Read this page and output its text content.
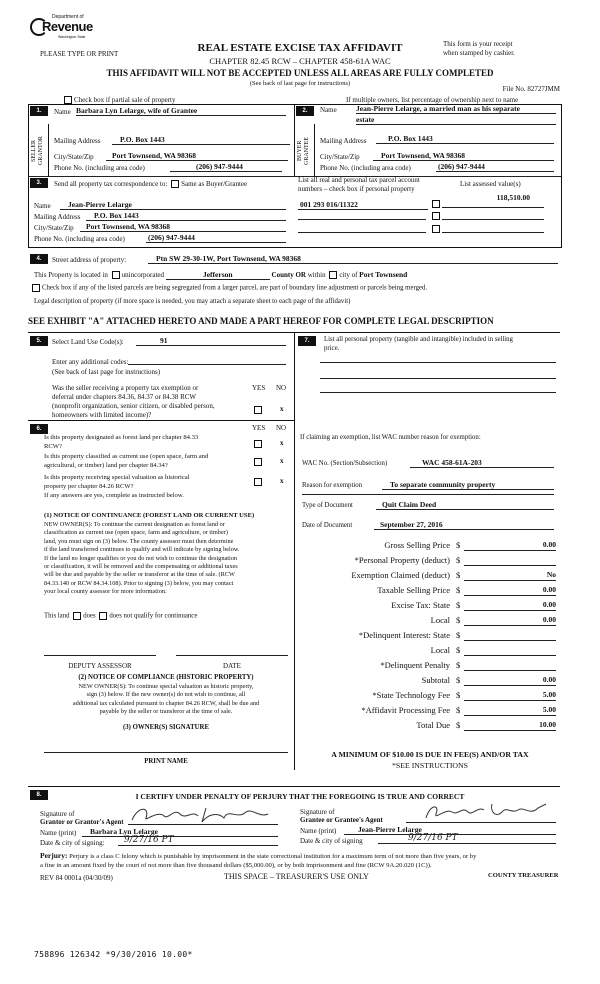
Department of
Revenue
Washington State
PLEASE TYPE OR PRINT	REAL ESTATE EXCISE TAX AFFIDAVIT
CHAPTER 82.45 RCW – CHAPTER 458-61A WAC
THIS AFFIDAVIT WILL NOT BE ACCEPTED UNLESS ALL AREAS ARE FULLY COMPLETED
(See back of last page for instructions)
This form is your receipt
when stamped by cashier.
File No. 82727JMM
Check box if partial sale of property	If multiple owners, list percentage of ownership next to name
1.
SELLER GRANTOR
Name Barbara Lyn Lelarge, wife of Grantee
Mailing Address	P.O. Box 1443
City/State/Zip	Port Townsend, WA 98368
Phone No. (including area code)	(206) 947-9444
2.
BUYER GRANTEE
Name	Jean-Pierre Lelarge, a married man as his separate
estate
Mailing Address	P.O. Box 1443
City/State/Zip	Port Townsend, WA 98368
Phone No. (including area code)	(206) 947-9444
3.	Send all property tax correspondence to: Same as Buyer/Grantee	List all real and personal tax parcel account
numbers – check box if personal property
List assessed value(s)
118,510.00
001 293 016/11322
Name	Jean-Pierre Lelarge
Mailing Address	P.O. Box 1443
City/State/Zip	Port Townsend, WA 98368
Phone No. (including area code)	(206) 947-9444
4.	Street address of property:	Ptn SW 29-30-1W, Port Townsend, WA 98368
This Property is located in unincorporated	Jefferson	County OR within city of Port Townsend
Check box if any of the listed parcels are being segregated from a larger parcel, are part of boundary line adjustment or parcels being merged.
Legal description of property (if more space is needed, you may attach a separate sheet to each page of the affidavit)
SEE EXHIBIT "A" ATTACHED HERETO AND MADE A PART HEREOF FOR COMPLETE LEGAL DESCRIPTION
5.	Select Land Use Code(s):	91
Enter any additional codes:
(See back of last page for instructions)
YES NO
Was the seller receiving a property tax exemption or
deferral under chapters 84.36, 84.37 or 84.38 RCW
(nonprofit organization, senior citizen, or disabled person,
homeowners with limited income)?
x
6.	YES NO
Is this property designated as forest land per chapter 84.33
RCW?	x
Is this property classified as current use (open space, farm and
agricultural, or timber) land per chapter 84.34?
x
Is this property receiving special valuation as historical
property per chapter 84.26 RCW?
x
If any answers are yes, complete as instructed below.
(1) NOTICE OF CONTINUANCE (FOREST LAND OR CURRENT USE)
NEW OWNER(S): To continue the current designation as forest land or
classification as current use (open space, farm and agriculture, or timber)
land, you must sign on (3) below. The county assessor must then determine
if the land transferred continues to qualify and will indicate by signing below.
If the land no longer qualifies or you do not wish to continue the designation
or classification, it will be removed and the compensating or additional taxes
will be due and payable by the seller or transferor at the time of sale. (RCW
84.33.140 or RCW 84.34.108). Prior to signing (3) below, you may contact
your local county assessor for more information.
This land does does not qualify for continuance
DEPUTY ASSESSOR	DATE
(2) NOTICE OF COMPLIANCE (HISTORIC PROPERTY)
NEW OWNER(S): To continue special valuation as historic property,
sign (3) below. If the new owner(s) do not wish to continue, all
additional tax calculated pursuant to chapter 84.26 RCW, shall be due and
payable by the seller or transferor at the time of sale.
(3) OWNER(S) SIGNATURE
PRINT NAME
7.	List all personal property (tangible and intangible) included in selling
price.
If claiming an exemption, list WAC number reason for exemption:
WAC No. (Section/Subsection)	WAC 458-61A-203
Reason for exemption	To separate community property
Type of Document	Quit Claim Deed
Date of Document	September 27, 2016
Gross Selling Price $	0.00
*Personal Property (deduct) $
Exemption Claimed (deduct) $	No
Taxable Selling Price $	0.00
Excise Tax: State $	0.00
Local $	0.00
*Delinquent Interest: State $
Local $
*Delinquent Penalty $
Subtotal $	0.00
*State Technology Fee $	5.00
*Affidavit Processing Fee $	5.00
Total Due $	10.00
A MINIMUM OF $10.00 IS DUE IN FEE(S) AND/OR TAX
*SEE INSTRUCTIONS
8.	I CERTIFY UNDER PENALTY OF PERJURY THAT THE FOREGOING IS TRUE AND CORRECT
Signature of
Grantor or Grantor's Agent
Name (print)	Barbara Lyn Lelarge
Date & city of signing:	9/27/16 PT
Signature of
Grantee or Grantee's Agent
Name (print)	Jean-Pierre Lelarge
Date & city of signing	9/27/16 PT
Perjury: Perjury is a class C felony which is punishable by imprisonment in the state correctional institution for a maximum term of not more than five years, or by
a fine in an amount fixed by the court of not more than five thousand dollars ($5,000.00), or by both imprisonment and fine (RCW 9A.20.020 (1C)).
REV 84 0001a (04/30/09)	THIS SPACE – TREASURER'S USE ONLY	COUNTY TREASURER
758896 126342 *9/30/2016 10.00*
